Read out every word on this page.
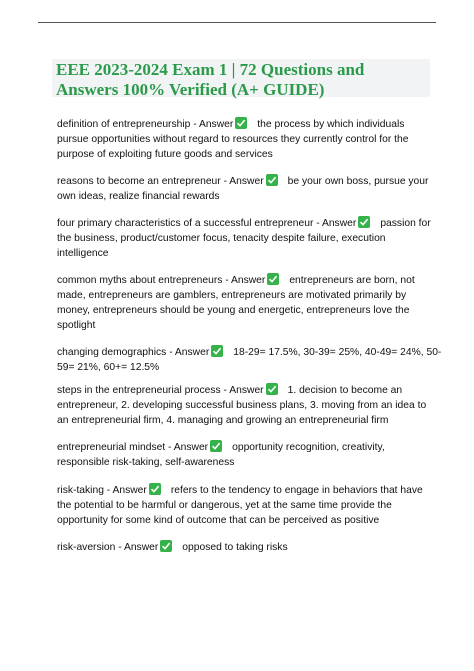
EEE 2023-2024 Exam 1 | 72 Questions and
Answers 100% Verified (A+ GUIDE)

definition of entrepreneurship - Answer the process by which individuals
pursue opportunities without regard to resources they currently control for the
purpose of exploiting future goods and services

reasons to become an entrepreneur - Answer be your own boss, pursue your
own ideas, realize financial rewards

four primary characteristics of a successful entrepreneur - Answer passion for
the business, product/customer focus, tenacity despite failure, execution
intelligence

common myths about entrepreneurs - Answer entrepreneurs are born, not
made, entrepreneurs are gamblers, entrepreneurs are motivated primarily by
money, entrepreneurs should be young and energetic, entrepreneurs love the
spotlight

changing demographics - Answer 18-29= 17.5%, 30-39= 25%, 40-49= 24%, 50-
59= 21%, 60+= 12.5%

steps in the entrepreneurial process - Answer 1. decision to become an
entrepreneur, 2. developing successful business plans, 3. moving from an idea to
an entrepreneurial firm, 4. managing and growing an entrepreneurial firm

entrepreneurial mindset - Answer opportunity recognition, creativity,
responsible risk-taking, self-awareness

risk-taking - Answer refers to the tendency to engage in behaviors that have
the potential to be harmful or dangerous, yet at the same time provide the
opportunity for some kind of outcome that can be perceived as positive

risk-aversion - Answer opposed to taking risks
